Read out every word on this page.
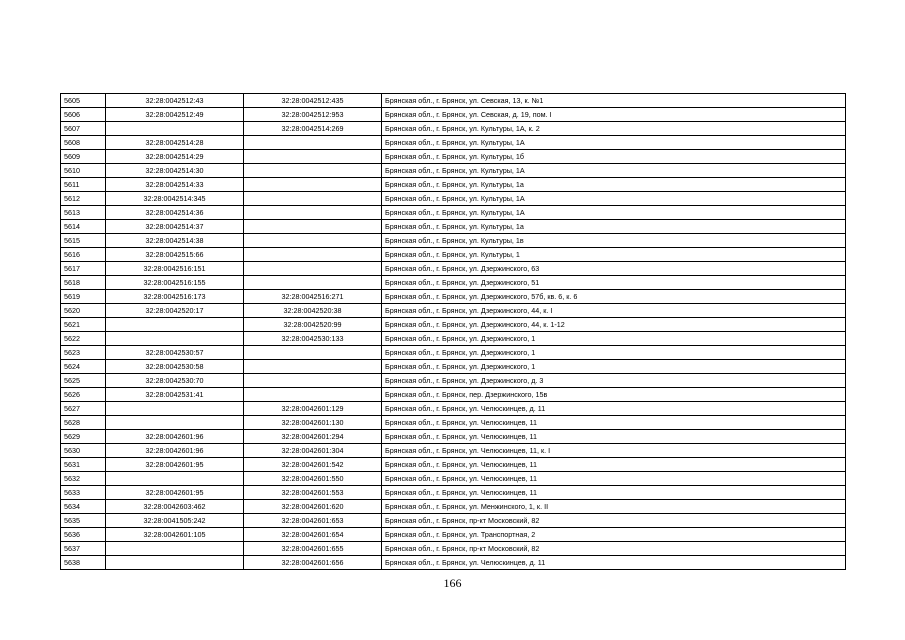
5605	32:28:0042512:43	32:28:0042512:435	Брянская обл., г. Брянск, ул. Севская, 13, к. №1
5606	32:28:0042512:49	32:28:0042512:953	Брянская обл., г. Брянск, ул. Севская, д. 19, пом. I
5607		32:28:0042514:269	Брянская обл., г. Брянск, ул. Культуры, 1А, к. 2
5608	32:28:0042514:28		Брянская обл., г. Брянск, ул. Культуры, 1А
5609	32:28:0042514:29		Брянская обл., г. Брянск, ул. Культуры, 1б
5610	32:28:0042514:30		Брянская обл., г. Брянск, ул. Культуры, 1А
5611	32:28:0042514:33		Брянская обл., г. Брянск, ул. Культуры, 1а
5612	32:28:0042514:345		Брянская обл., г. Брянск, ул. Культуры, 1А
5613	32:28:0042514:36		Брянская обл., г. Брянск, ул. Культуры, 1А
5614	32:28:0042514:37		Брянская обл., г. Брянск, ул. Культуры, 1а
5615	32:28:0042514:38		Брянская обл., г. Брянск, ул. Культуры, 1в
5616	32:28:0042515:66		Брянская обл., г. Брянск, ул. Культуры, 1
5617	32:28:0042516:151		Брянская обл., г. Брянск, ул. Дзержинского, 63
5618	32:28:0042516:155		Брянская обл., г. Брянск, ул. Дзержинского, 51
5619	32:28:0042516:173	32:28:0042516:271	Брянская обл., г. Брянск, ул. Дзержинского, 57б, кв. 6, к. 6
5620	32:28:0042520:17	32:28:0042520:38	Брянская обл., г. Брянск, ул. Дзержинского, 44, к. I
5621		32:28:0042520:99	Брянская обл., г. Брянск, ул. Дзержинского, 44, к. 1-12
5622		32:28:0042530:133	Брянская обл., г. Брянск, ул. Дзержинского, 1
5623	32:28:0042530:57		Брянская обл., г. Брянск, ул. Дзержинского, 1
5624	32:28:0042530:58		Брянская обл., г. Брянск, ул. Дзержинского, 1
5625	32:28:0042530:70		Брянская обл., г. Брянск, ул. Дзержинского, д. 3
5626	32:28:0042531:41		Брянская обл., г. Брянск, пер. Дзержинского, 15в
5627		32:28:0042601:129	Брянская обл., г. Брянск, ул. Челюскинцев, д. 11
5628		32:28:0042601:130	Брянская обл., г. Брянск, ул. Челюскинцев, 11
5629	32:28:0042601:96	32:28:0042601:294	Брянская обл., г. Брянск, ул. Челюскинцев, 11
5630	32:28:0042601:96	32:28:0042601:304	Брянская обл., г. Брянск, ул. Челюскинцев, 11, к. I
5631	32:28:0042601:95	32:28:0042601:542	Брянская обл., г. Брянск, ул. Челюскинцев, 11
5632		32:28:0042601:550	Брянская обл., г. Брянск, ул. Челюскинцев, 11
5633	32:28:0042601:95	32:28:0042601:553	Брянская обл., г. Брянск, ул. Челюскинцев, 11
5634	32:28:0042603:462	32:28:0042601:620	Брянская обл., г. Брянск, ул. Менжинского, 1, к. II
5635	32:28:0041505:242	32:28:0042601:653	Брянская обл., г. Брянск, пр-кт Московский, 82
5636	32:28:0042601:105	32:28:0042601:654	Брянская обл., г. Брянск, ул. Транспортная, 2
5637		32:28:0042601:655	Брянская обл., г. Брянск, пр-кт Московский, 82
5638		32:28:0042601:656	Брянская обл., г. Брянск, ул. Челюскинцев, д. 11
166
